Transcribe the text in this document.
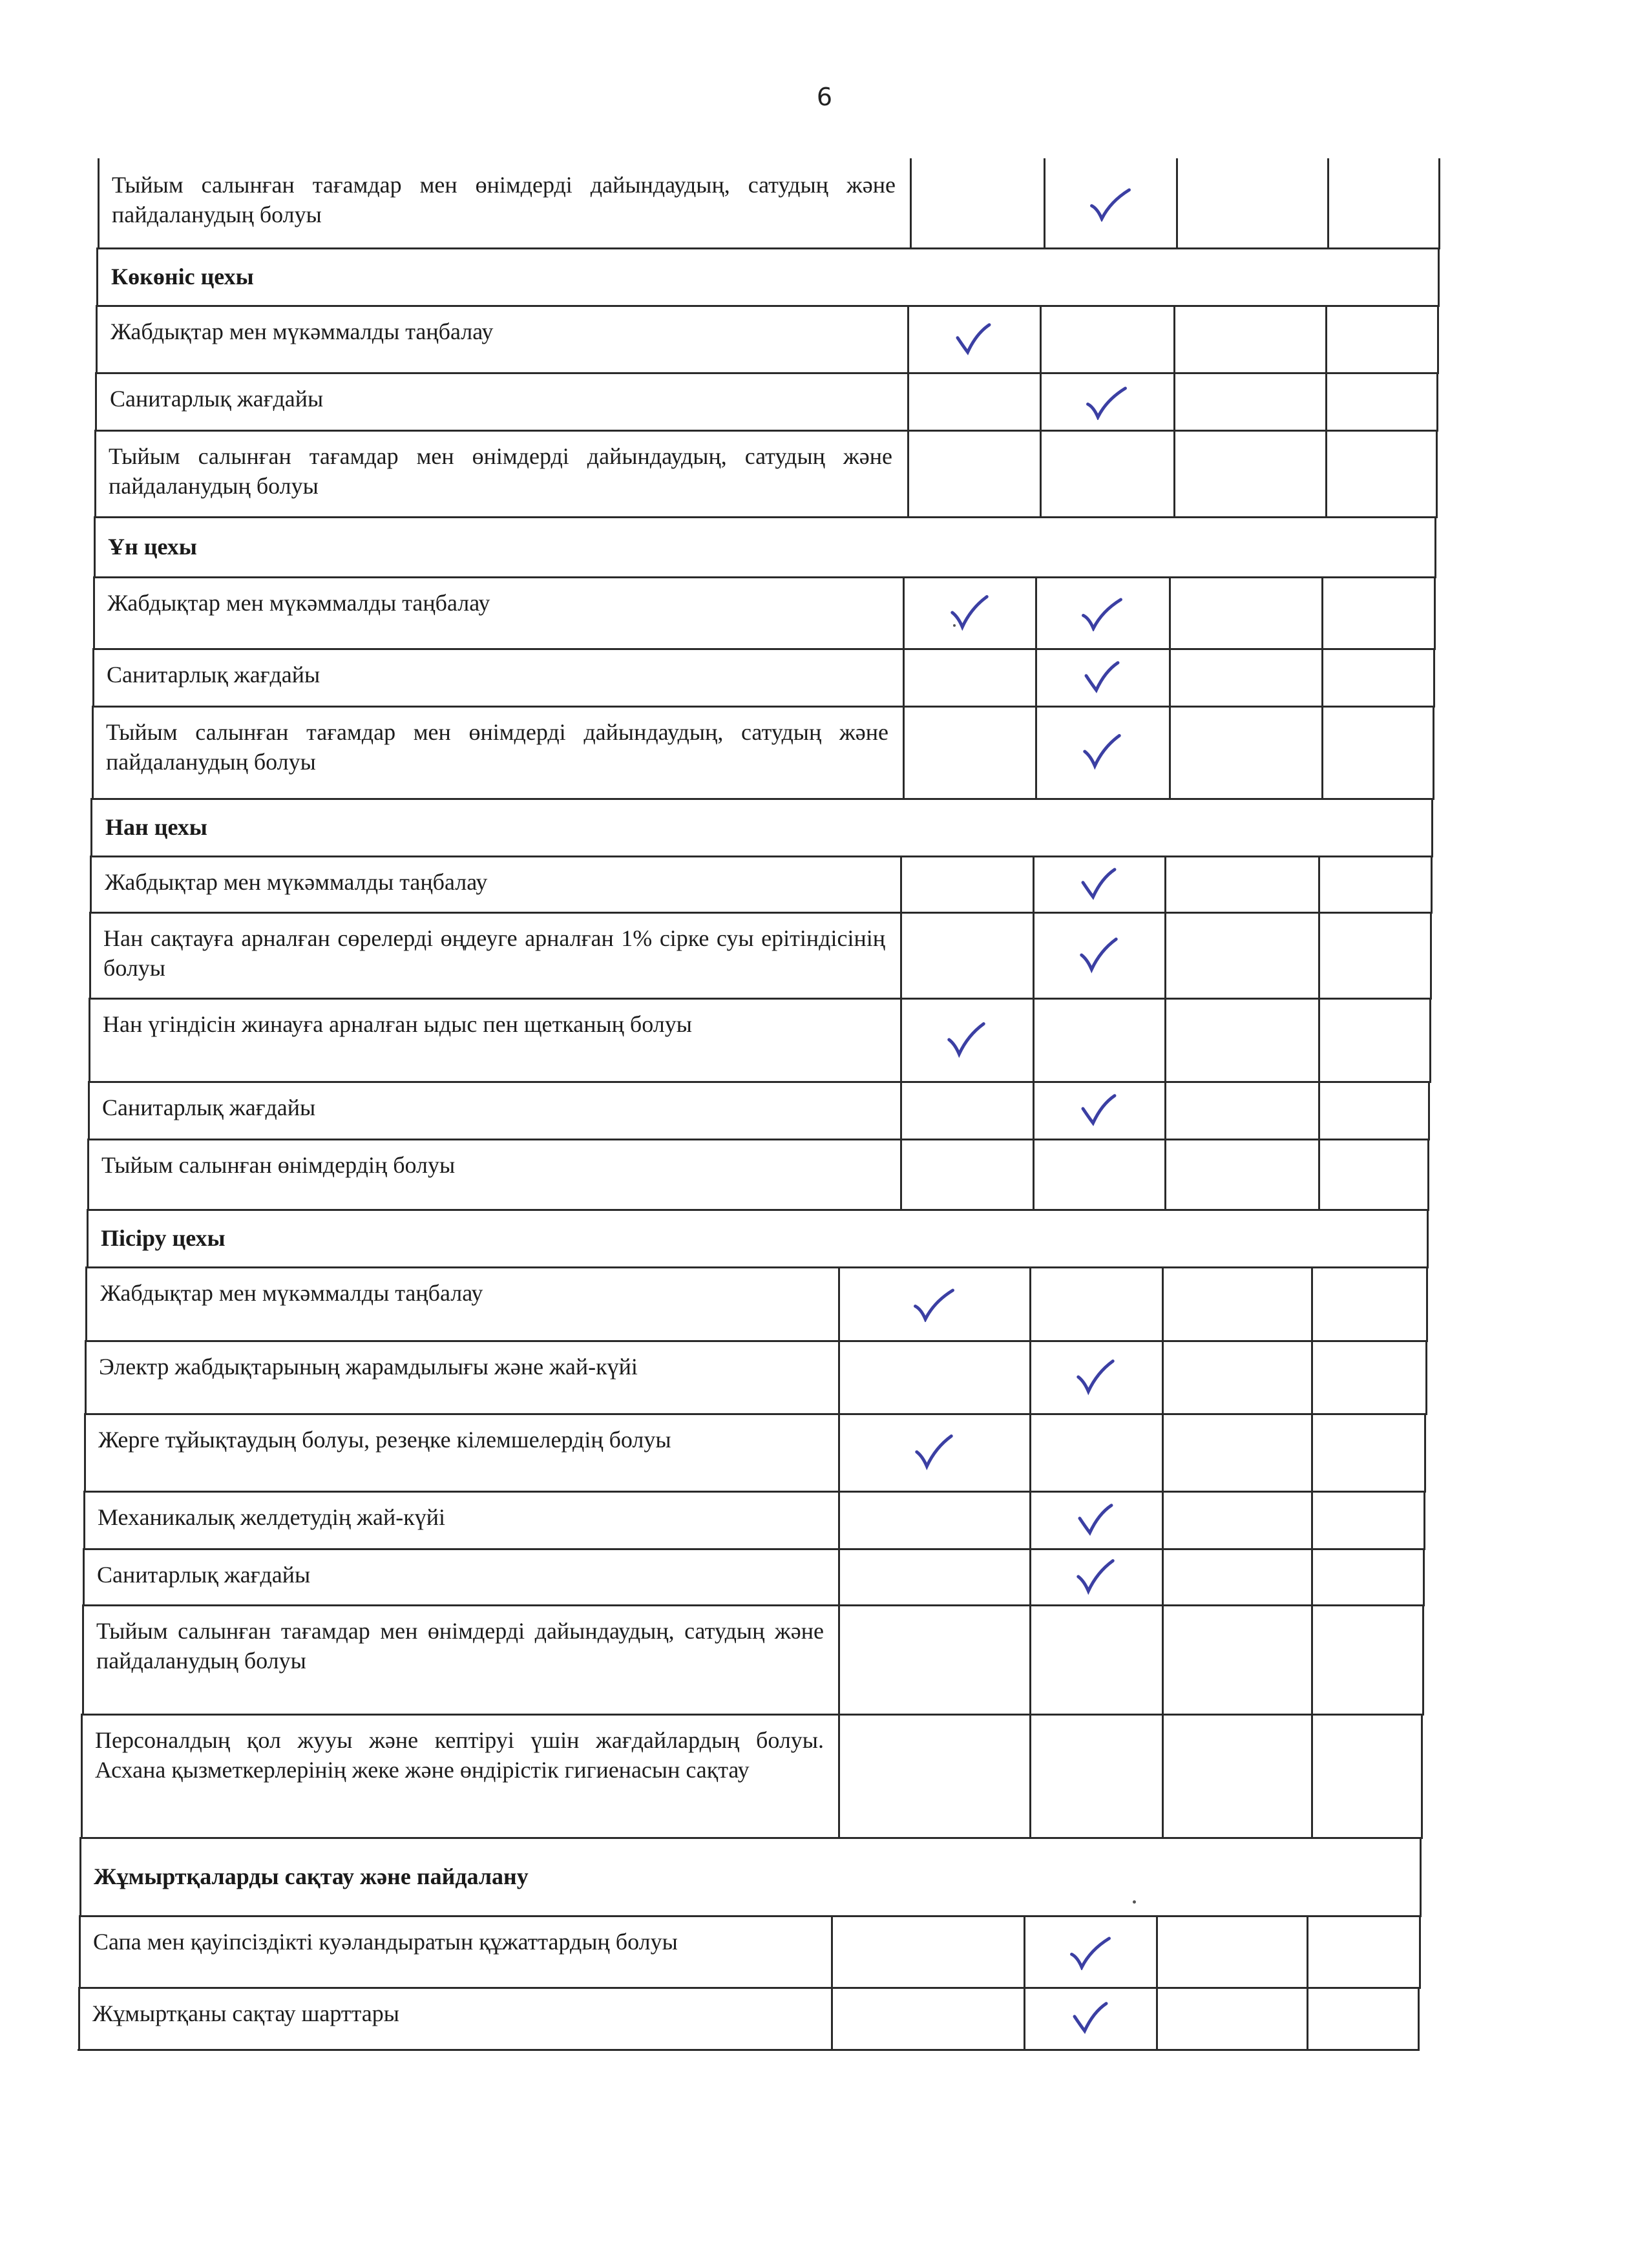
6
Тыйым салынған тағамдар мен өнімдерді дайындаудың, сатудың және пайдаланудың болуы
Көкөніс цехы
Жабдықтар мен мүкәммалды таңбалау
Санитарлық жағдайы
Тыйым салынған тағамдар мен өнімдерді дайындаудың, сатудың және пайдаланудың болуы
Ұн цехы
Жабдықтар мен мүкәммалды таңбалау
Санитарлық жағдайы
Тыйым салынған тағамдар мен өнімдерді дайындаудың, сатудың және пайдаланудың болуы
Нан цехы
Жабдықтар мен мүкәммалды таңбалау
Нан сақтауға арналған сөрелерді өңдеуге арналған 1% сірке суы ерітіндісінің болуы
Нан үгіндісін жинауға арналған ыдыс пен щетканың болуы
Санитарлық жағдайы
Тыйым салынған өнімдердің болуы
Пісіру цехы
Жабдықтар мен мүкәммалды таңбалау
Электр жабдықтарының жарамдылығы және жай-күйі
Жерге тұйықтаудың болуы, резеңке кілемшелердің болуы
Механикалық желдетудің жай-күйі
Санитарлық жағдайы
Тыйым салынған тағамдар мен өнімдерді дайындаудың, сатудың және пайдаланудың болуы
Персоналдың қол жууы және кептіруі үшін жағдайлардың болуы. Асхана қызметкерлерінің жеке және өндірістік гигиенасын сақтау
Жұмыртқаларды сақтау және пайдалану
Сапа мен қауіпсіздікті куәландыратын құжаттардың болуы
Жұмыртқаны сақтау шарттары
